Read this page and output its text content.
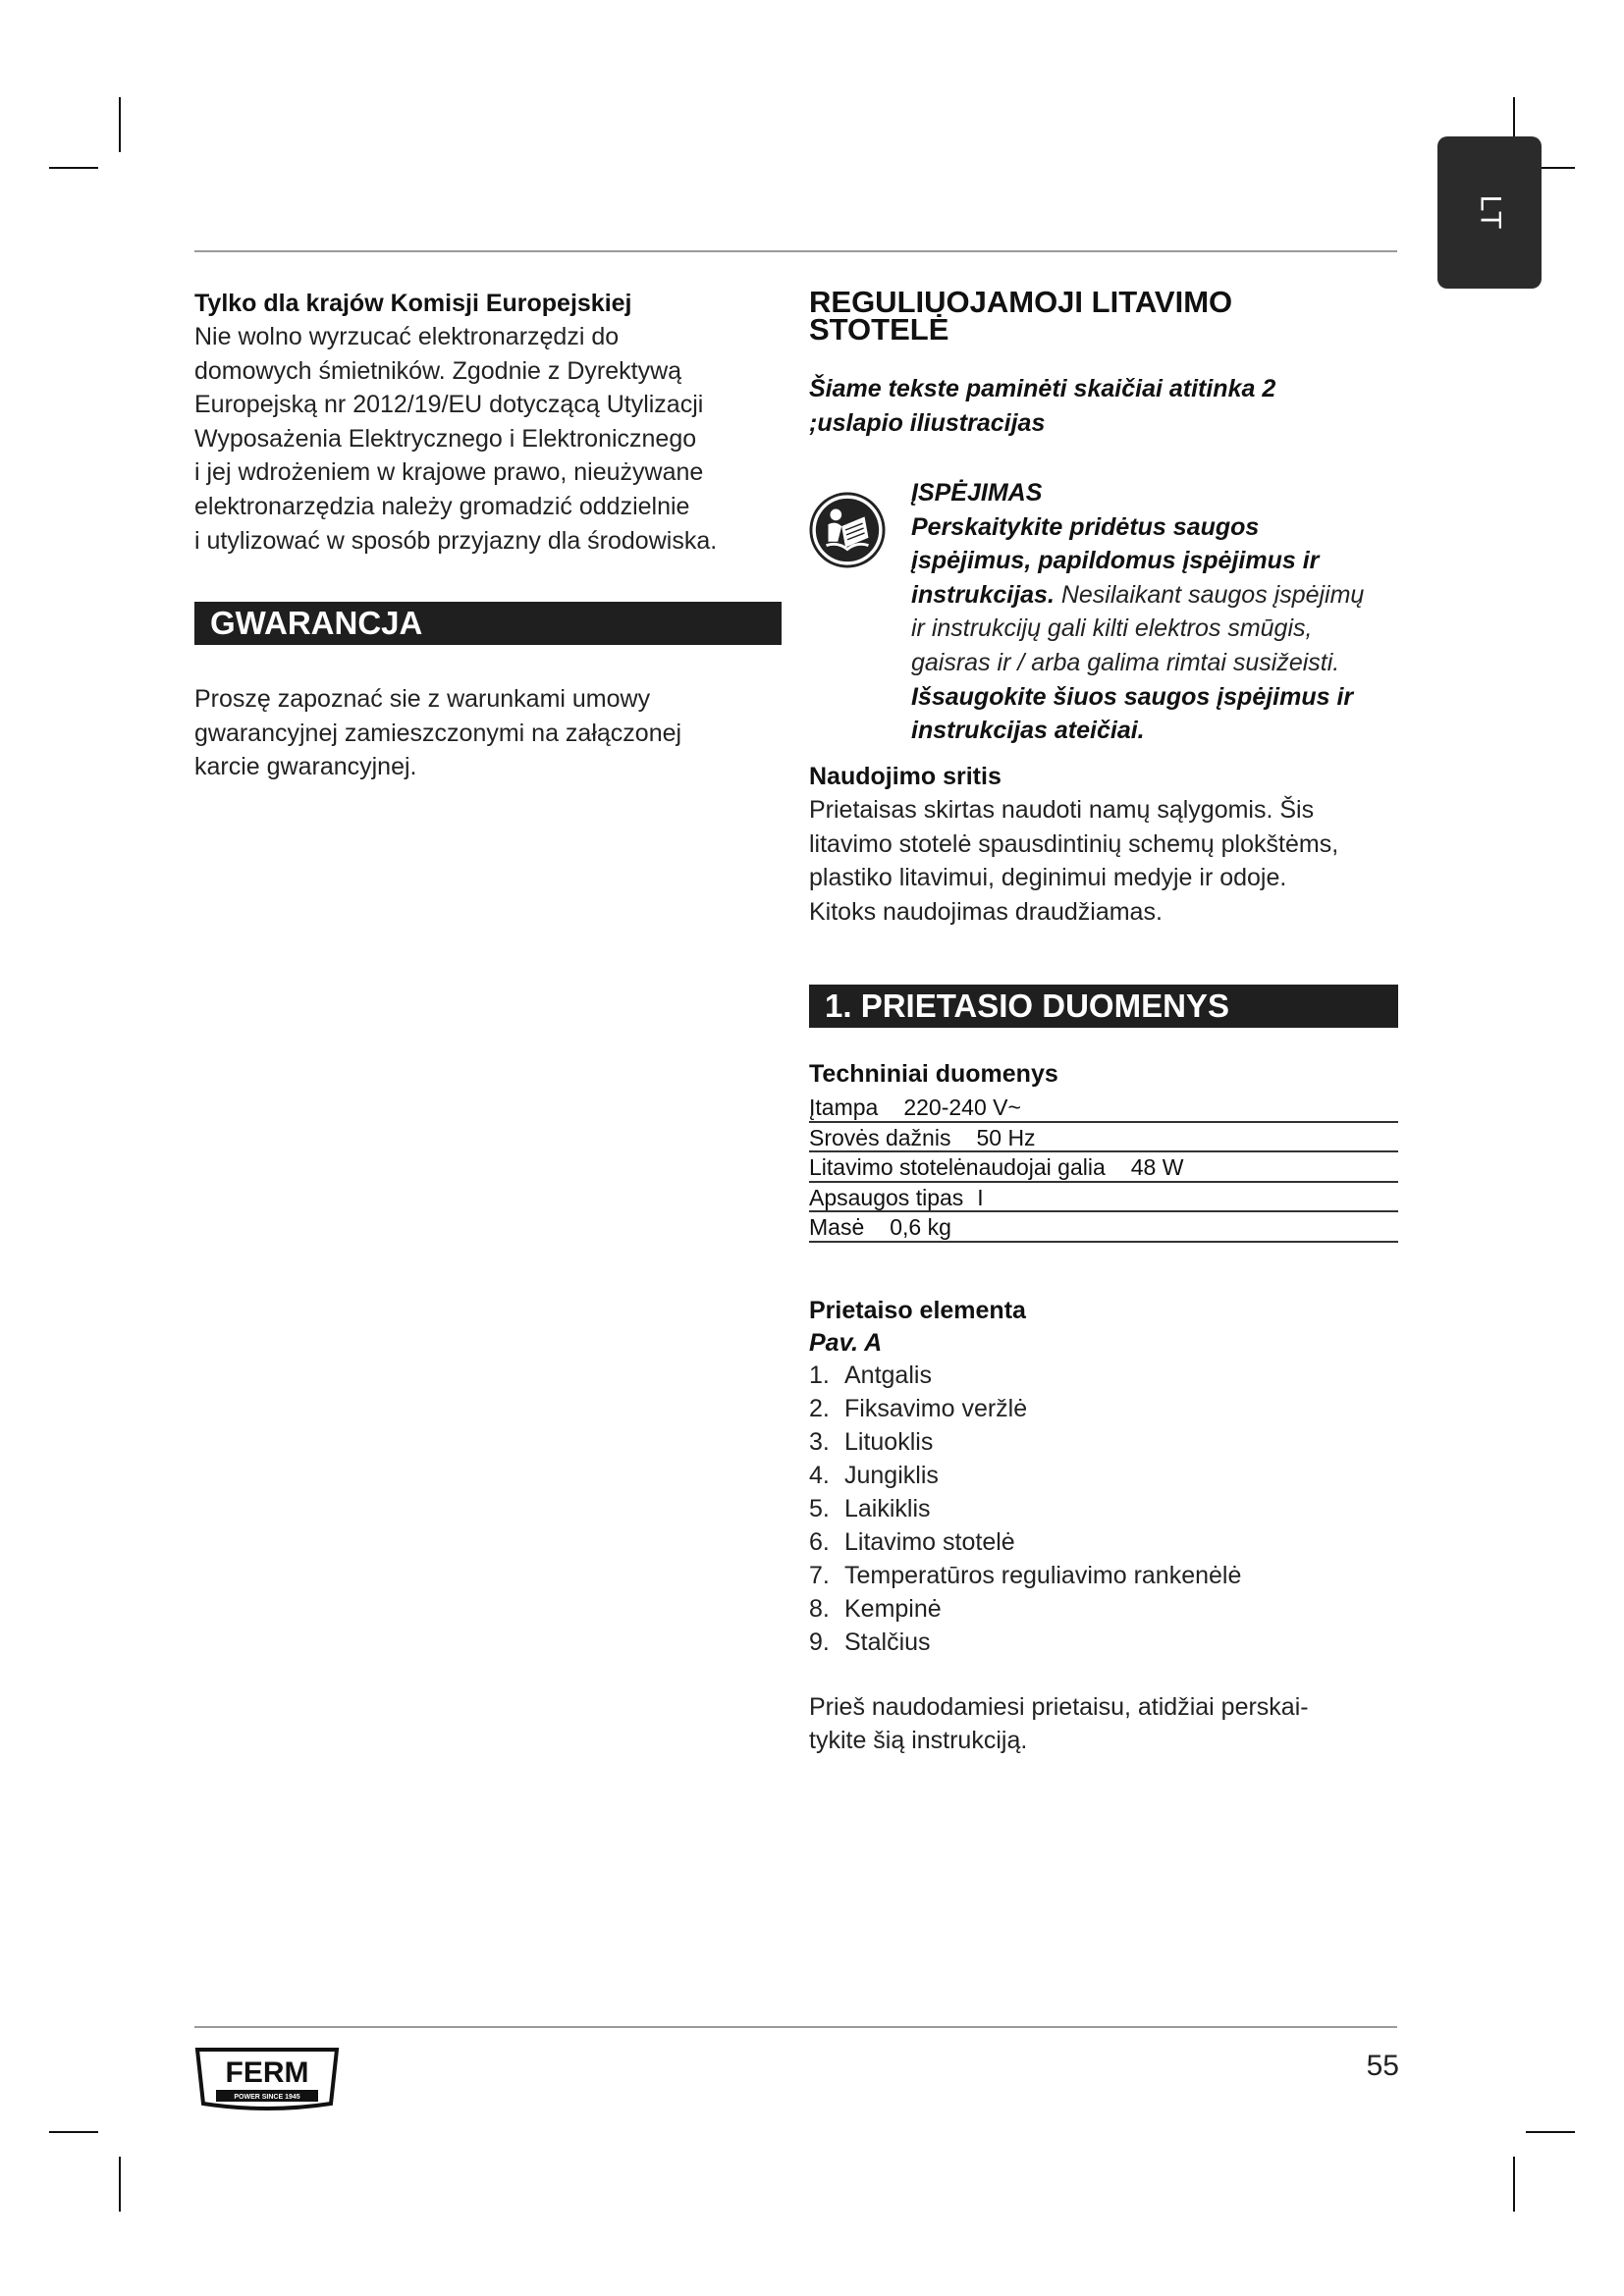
LT
Tylko dla krajów Komisji Europejskiej
Nie wolno wyrzucać elektronarzędzi do
domowych śmietników. Zgodnie z Dyrektywą
Europejską nr 2012/19/EU dotyczącą Utylizacji
Wyposażenia Elektrycznego i Elektronicznego
i jej wdrożeniem w krajowe prawo, nieużywane
elektronarzędzia należy gromadzić oddzielnie
i utylizować w sposób przyjazny dla środowiska.
GWARANCJA
Proszę zapoznać sie z warunkami umowy
gwarancyjnej zamieszczonymi na załączonej
karcie gwarancyjnej.
REGULIUOJAMOJI LITAVIMO
STOTELĖ
Šiame tekste paminėti skaičiai atitinka 2
;uslapio iliustracijas
ĮSPĖJIMAS
Perskaitykite pridėtus saugos
įspėjimus, papildomus įspėjimus ir
instrukcijas. Nesilaikant saugos įspėjimų
ir instrukcijų gali kilti elektros smūgis,
gaisras ir / arba galima rimtai susižeisti.
Išsaugokite šiuos saugos įspėjimus ir
instrukcijas ateičiai.
Naudojimo sritis
Prietaisas skirtas naudoti namų sąlygomis. Šis
litavimo stotelė spausdintinių schemų plokštėms,
plastiko litavimui, deginimui medyje ir odoje.
Kitoks naudojimas draudžiamas.
1. PRIETASIO DUOMENYS
Techniniai duomenys
Įtampa 220-240 V~
Srovės dažnis 50 Hz
Litavimo stotelėnaudojai galia 48 W
Apsaugos tipas I
Masė 0,6 kg
Prietaiso elementa
Pav. A
1. Antgalis
2. Fiksavimo veržlė
3. Lituoklis
4. Jungiklis
5. Laikiklis
6. Litavimo stotelė
7. Temperatūros reguliavimo rankenėlė
8. Kempinė
9. Stalčius
Prieš naudodamiesi prietaisu, atidžiai perskai-
tykite šią instrukciją.
FERM
POWER SINCE 1945
55
